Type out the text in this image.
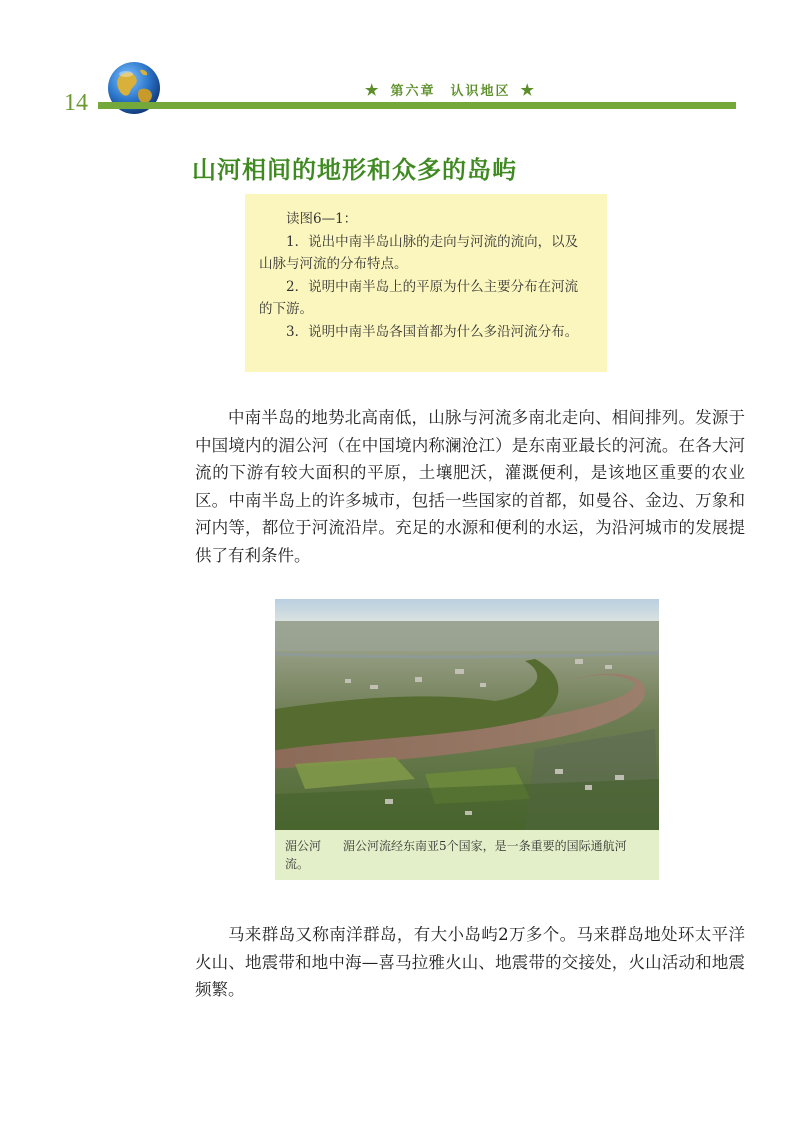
14
★ 第六章　认识地区 ★
山河相间的地形和众多的岛屿

读图6—1：

1．说出中南半岛山脉的走向与河流的流向，以及山脉与河流的分布特点。

2．说明中南半岛上的平原为什么主要分布在河流的下游。

3．说明中南半岛各国首都为什么多沿河流分布。

中南半岛的地势北高南低，山脉与河流多南北走向、相间排列。发源于中国境内的湄公河（在中国境内称澜沧江）是东南亚最长的河流。在各大河流的下游有较大面积的平原，土壤肥沃，灌溉便利，是该地区重要的农业区。中南半岛上的许多城市，包括一些国家的首都，如曼谷、金边、万象和河内等，都位于河流沿岸。充足的水源和便利的水运，为沿河城市的发展提供了有利条件。

湄公河 湄公河流经东南亚5个国家，是一条重要的国际通航河流。

马来群岛又称南洋群岛，有大小岛屿2万多个。马来群岛地处环太平洋火山、地震带和地中海—喜马拉雅火山、地震带的交接处，火山活动和地震频繁。
